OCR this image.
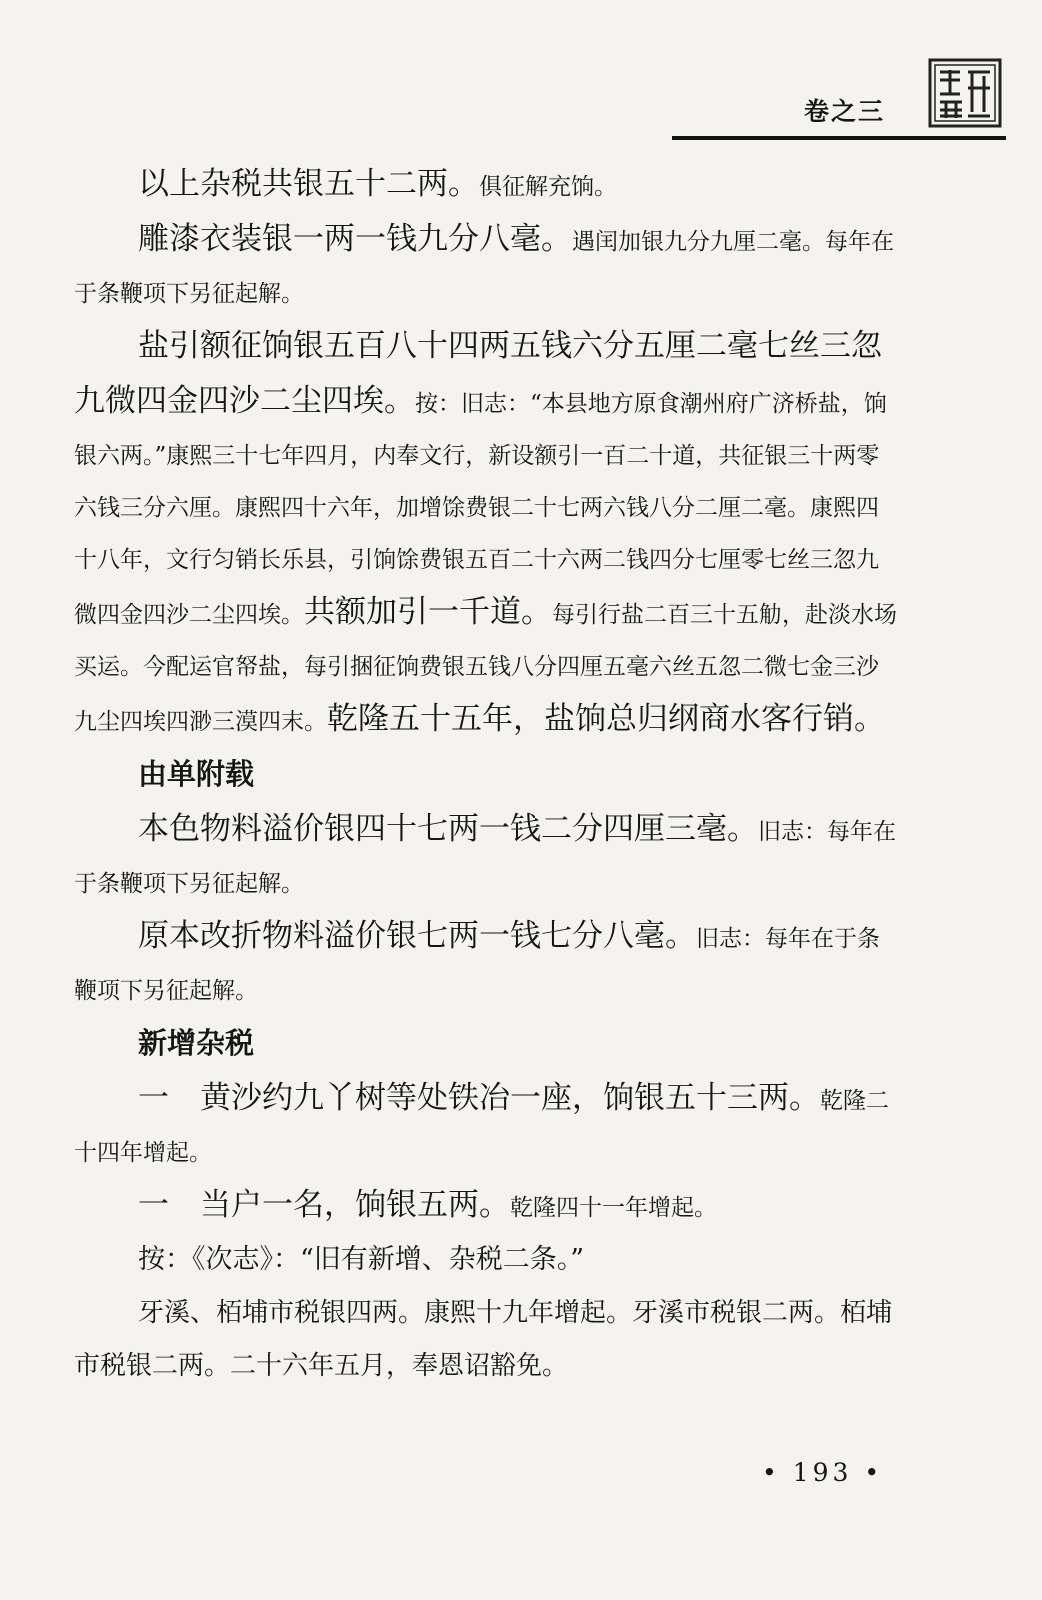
卷之三

以上杂税共银五十二两。俱征解充饷。

雕漆衣装银一两一钱九分八毫。遇闰加银九分九厘二毫。每年在于条鞭项下另征起解。

盐引额征饷银五百八十四两五钱六分五厘二毫七丝三忽九微四金四沙二尘四埃。按：旧志：“本县地方原食潮州府广济桥盐，饷银六两。”康熙三十七年四月，内奉文行，新设额引一百二十道，共征银三十两零六钱三分六厘。康熙四十六年，加增馀费银二十七两六钱八分二厘二毫。康熙四十八年，文行匀销长乐县，引饷馀费银五百二十六两二钱四分七厘零七丝三忽九微四金四沙二尘四埃。共额加引一千道。每引行盐二百三十五觔，赴淡水场买运。今配运官帑盐，每引捆征饷费银五钱八分四厘五毫六丝五忽二微七金三沙九尘四埃四渺三漠四末。乾隆五十五年，盐饷总归纲商水客行销。

由单附载

本色物料溢价银四十七两一钱二分四厘三毫。旧志：每年在于条鞭项下另征起解。

原本改折物料溢价银七两一钱七分八毫。旧志：每年在于条鞭项下另征起解。

新增杂税

一　黄沙约九丫树等处铁冶一座，饷银五十三两。乾隆二十四年增起。

一　当户一名，饷银五两。乾隆四十一年增起。

按：《次志》：“旧有新增、杂税二条。”

牙溪、栢埔市税银四两。康熙十九年增起。牙溪市税银二两。栢埔市税银二两。二十六年五月，奉恩诏豁免。

• 193 •
